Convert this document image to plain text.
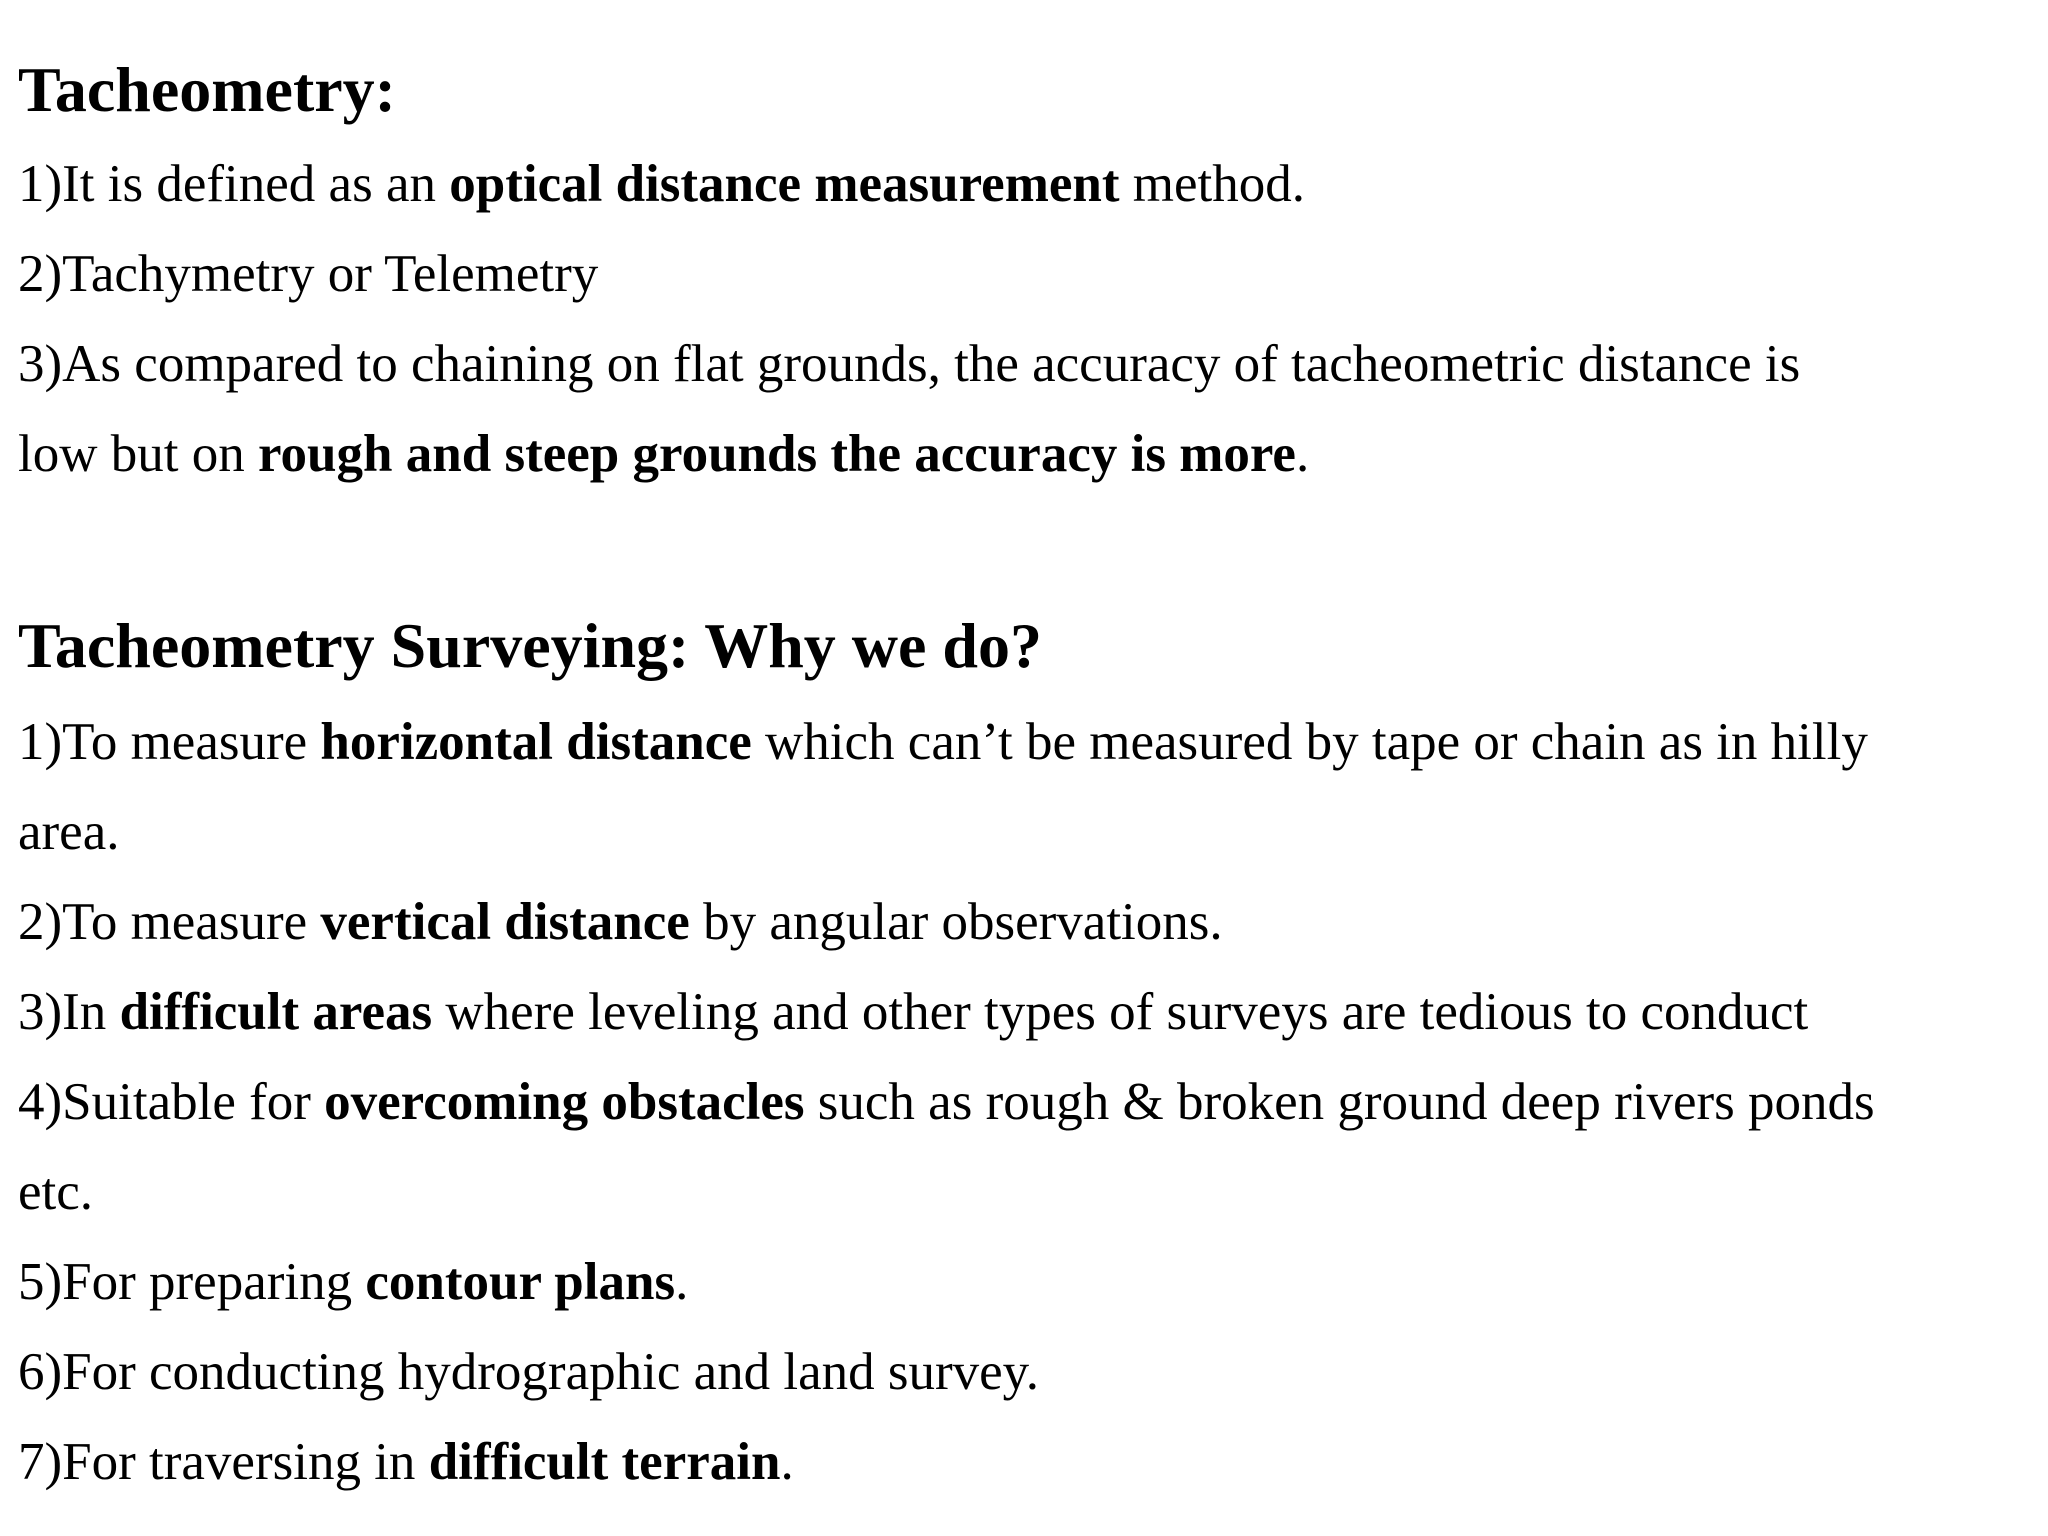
Tacheometry:
1)It is defined as an optical distance measurement method.
2)Tachymetry or Telemetry
3)As compared to chaining on flat grounds, the accuracy of tacheometric distance is
low but on rough and steep grounds the accuracy is more.
Tacheometry Surveying: Why we do?
1)To measure horizontal distance which can’t be measured by tape or chain as in hilly
area.
2)To measure vertical distance by angular observations.
3)In difficult areas where leveling and other types of surveys are tedious to conduct
4)Suitable for overcoming obstacles such as rough & broken ground deep rivers ponds
etc.
5)For preparing contour plans.
6)For conducting hydrographic and land survey.
7)For traversing in difficult terrain.
